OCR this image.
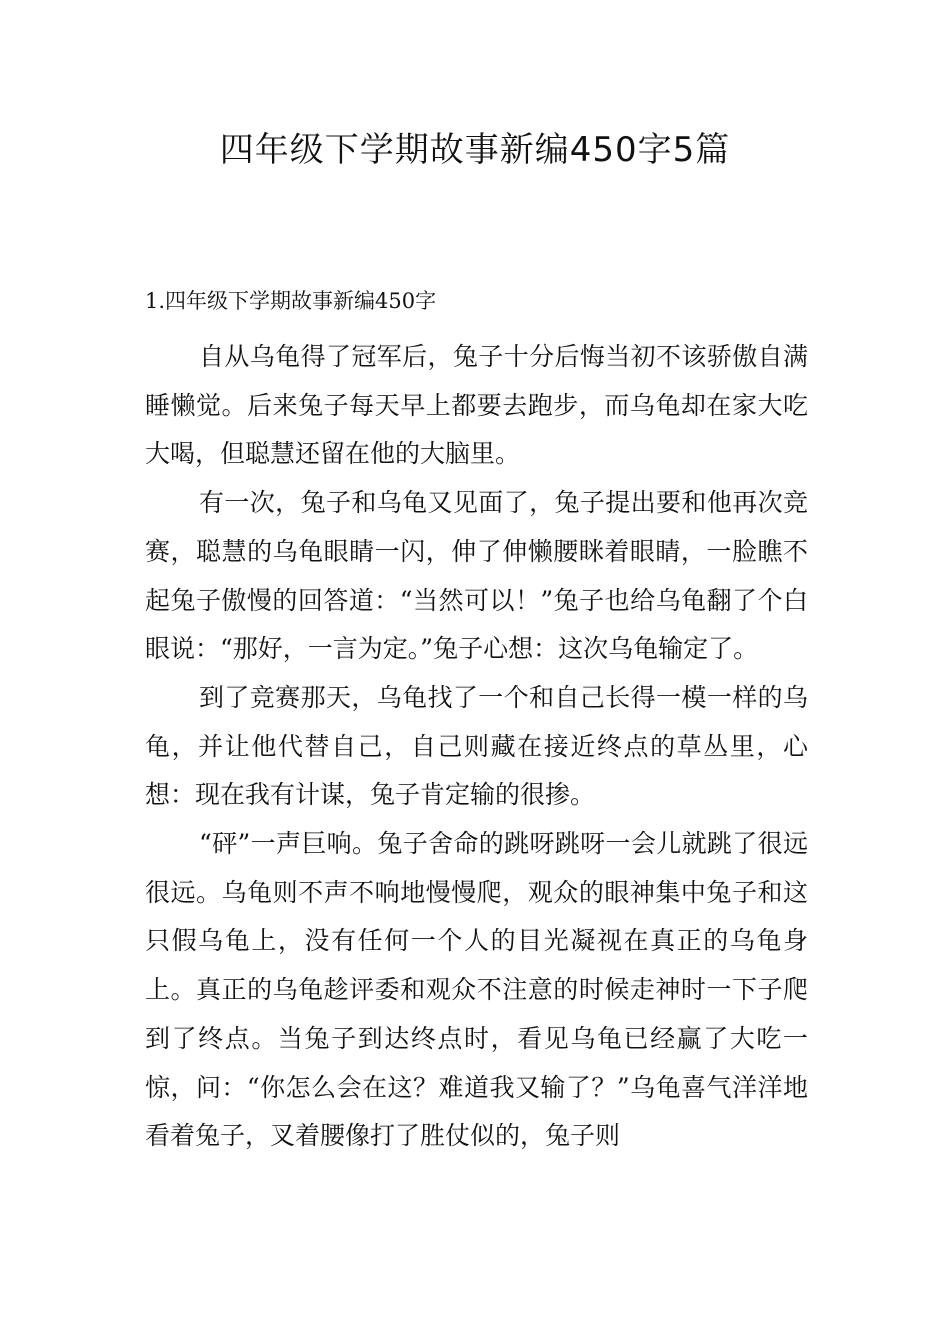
四年级下学期故事新编450字5篇
1.四年级下学期故事新编450字

自从乌龟得了冠军后，兔子十分后悔当初不该骄傲自满睡懒觉。后来兔子每天早上都要去跑步，而乌龟却在家大吃大喝，但聪慧还留在他的大脑里。

有一次，兔子和乌龟又见面了，兔子提出要和他再次竞赛，聪慧的乌龟眼睛一闪，伸了伸懒腰眯着眼睛，一脸瞧不起兔子傲慢的回答道：“当然可以！”兔子也给乌龟翻了个白眼说：“那好，一言为定。”兔子心想：这次乌龟输定了。

到了竞赛那天，乌龟找了一个和自己长得一模一样的乌龟，并让他代替自己，自己则藏在接近终点的草丛里，心想：现在我有计谋，兔子肯定输的很掺。

“砰”一声巨响。兔子舍命的跳呀跳呀一会儿就跳了很远很远。乌龟则不声不响地慢慢爬，观众的眼神集中兔子和这只假乌龟上，没有任何一个人的目光凝视在真正的乌龟身上。真正的乌龟趁评委和观众不注意的时候走神时一下子爬到了终点。当兔子到达终点时，看见乌龟已经赢了大吃一惊，问：“你怎么会在这？难道我又输了？”乌龟喜气洋洋地看着兔子，叉着腰像打了胜仗似的，兔子则
